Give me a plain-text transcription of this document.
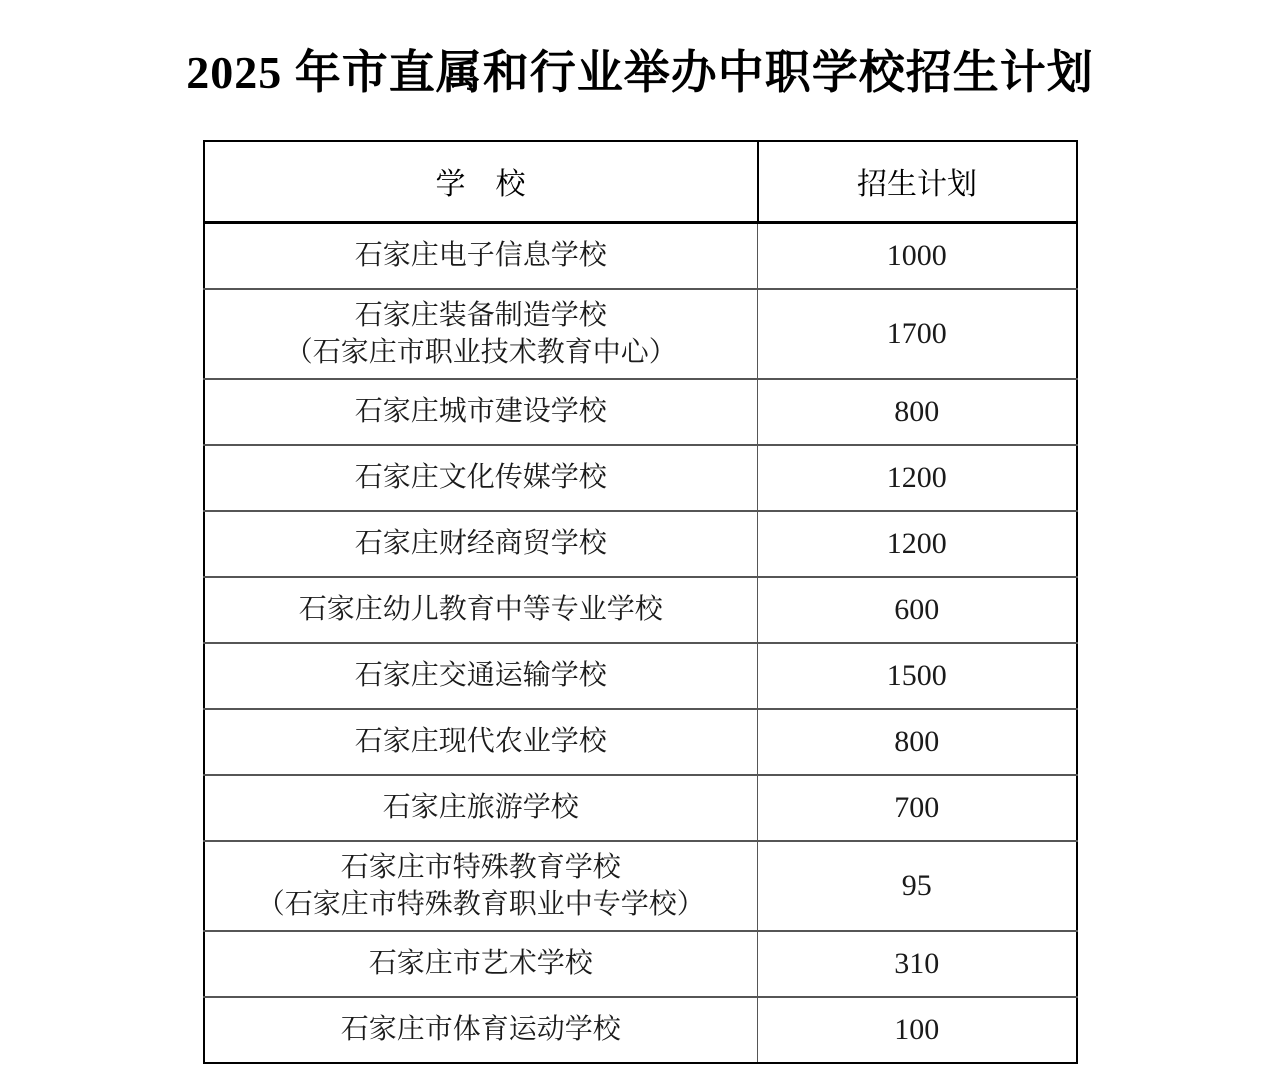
2025 年市直属和行业举办中职学校招生计划
学　校	招生计划

石家庄电子信息学校	1000

石家庄装备制造学校
（石家庄市职业技术教育中心）	1700

石家庄城市建设学校	800

石家庄文化传媒学校	1200

石家庄财经商贸学校	1200

石家庄幼儿教育中等专业学校	600

石家庄交通运输学校	1500

石家庄现代农业学校	800

石家庄旅游学校	700

石家庄市特殊教育学校
（石家庄市特殊教育职业中专学校）	95

石家庄市艺术学校	310

石家庄市体育运动学校	100
